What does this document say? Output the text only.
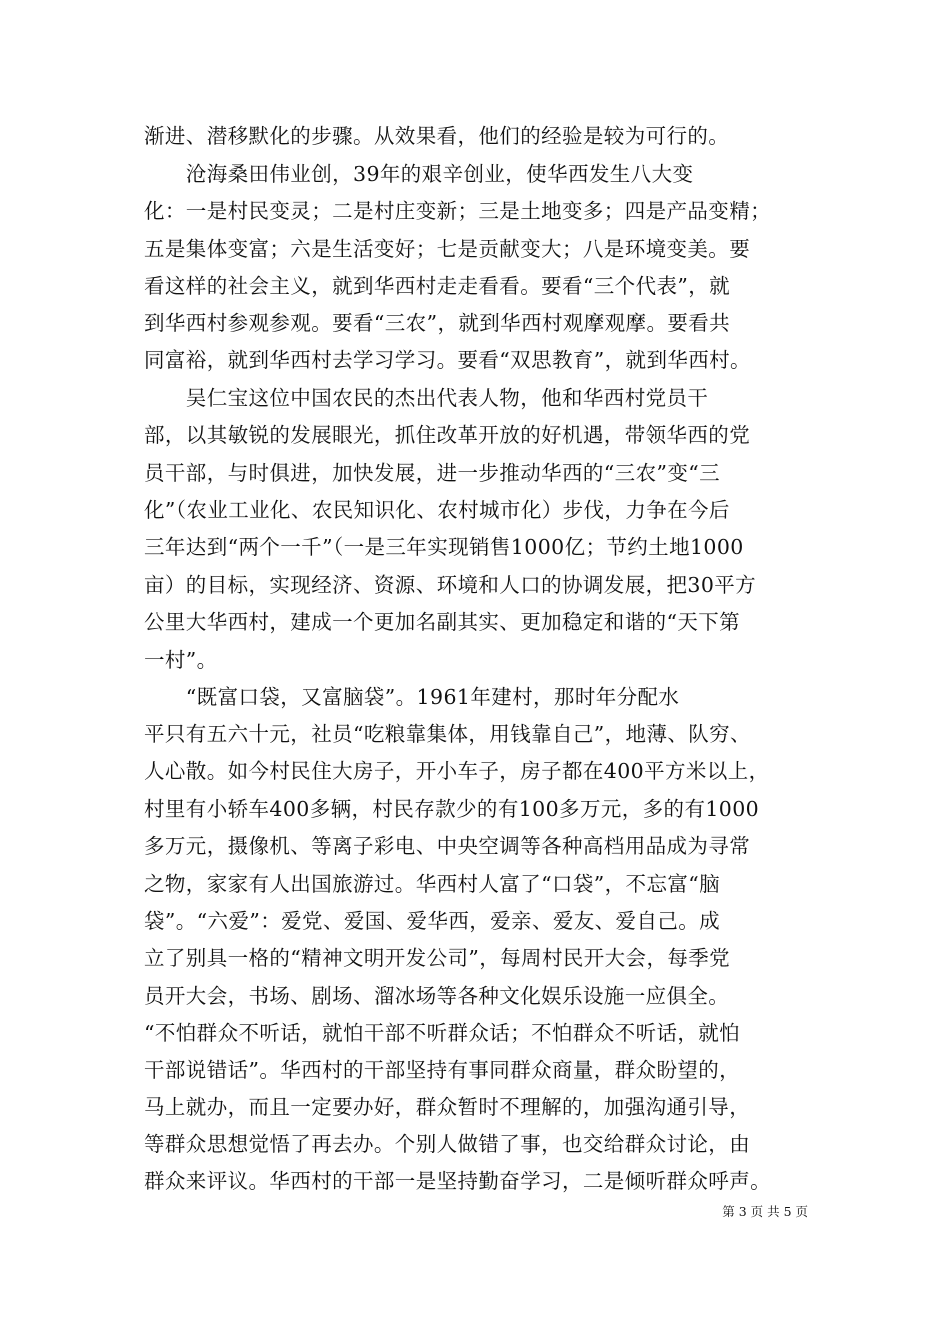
渐进、潜移默化的步骤。从效果看，他们的经验是较为可行的。
　　沧海桑田伟业创，39年的艰辛创业，使华西发生八大变
化：一是村民变灵；二是村庄变新；三是土地变多；四是产品变精；
五是集体变富；六是生活变好；七是贡献变大；八是环境变美。要
看这样的社会主义，就到华西村走走看看。要看“三个代表”，就
到华西村参观参观。要看“三农”，就到华西村观摩观摩。要看共
同富裕，就到华西村去学习学习。要看“双思教育”，就到华西村。
　　吴仁宝这位中国农民的杰出代表人物，他和华西村党员干
部，以其敏锐的发展眼光，抓住改革开放的好机遇，带领华西的党
员干部，与时俱进，加快发展，进一步推动华西的“三农”变“三
化”（农业工业化、农民知识化、农村城市化）步伐，力争在今后
三年达到“两个一千”（一是三年实现销售1000亿；节约土地1000
亩）的目标，实现经济、资源、环境和人口的协调发展，把30平方
公里大华西村，建成一个更加名副其实、更加稳定和谐的“天下第
一村”。
　　“既富口袋，又富脑袋”。1961年建村，那时年分配水
平只有五六十元，社员“吃粮靠集体，用钱靠自己”，地薄、队穷、
人心散。如今村民住大房子，开小车子，房子都在400平方米以上，
村里有小轿车400多辆，村民存款少的有100多万元，多的有1000
多万元，摄像机、等离子彩电、中央空调等各种高档用品成为寻常
之物，家家有人出国旅游过。华西村人富了“口袋”，不忘富“脑
袋”。“六爱”：爱党、爱国、爱华西，爱亲、爱友、爱自己。成
立了别具一格的“精神文明开发公司”，每周村民开大会，每季党
员开大会，书场、剧场、溜冰场等各种文化娱乐设施一应俱全。
“不怕群众不听话，就怕干部不听群众话；不怕群众不听话，就怕
干部说错话”。华西村的干部坚持有事同群众商量，群众盼望的，
马上就办，而且一定要办好，群众暂时不理解的，加强沟通引导，
等群众思想觉悟了再去办。个别人做错了事，也交给群众讨论，由
群众来评议。华西村的干部一是坚持勤奋学习，二是倾听群众呼声。
第 3 页 共 5 页
